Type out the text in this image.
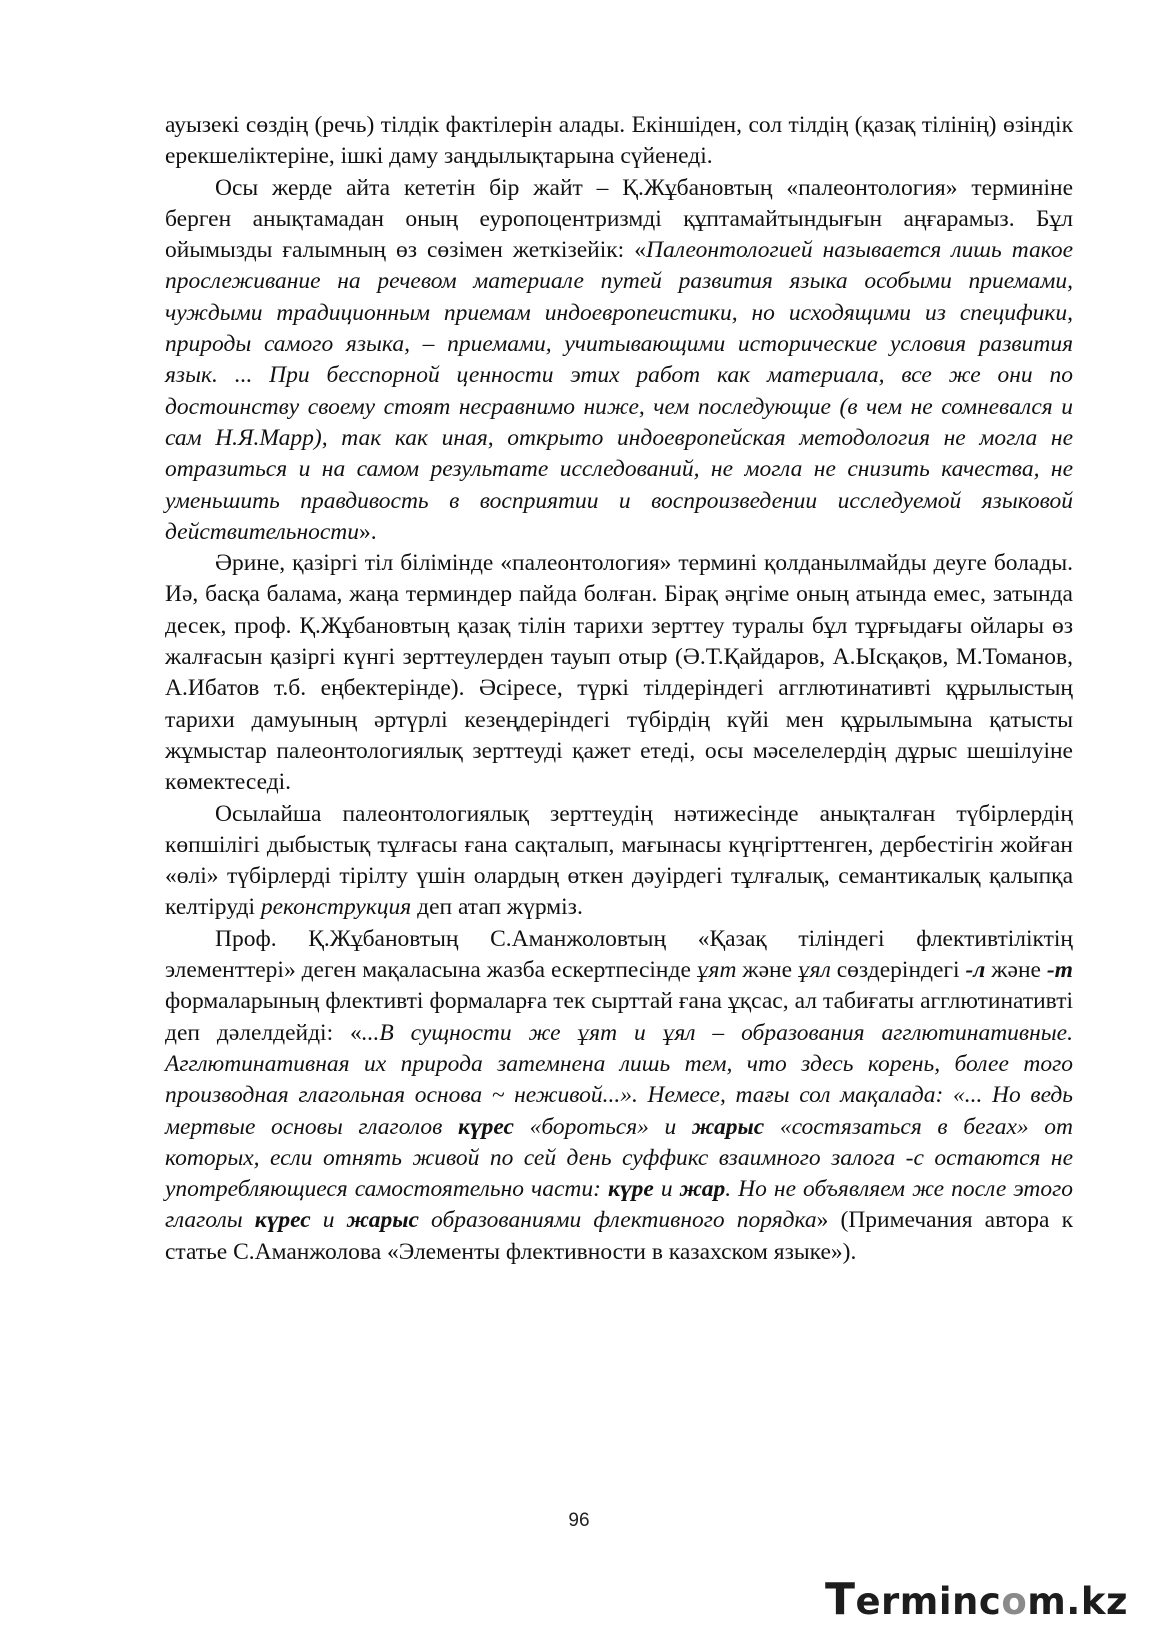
ауызекі сөздің (речь) тілдік фактілерін алады. Екіншіден, сол тілдің (қазақ тілінің) өзіндік ерекшеліктеріне, ішкі даму заңдылықтарына сүйенеді.

Осы жерде айта кететін бір жайт – Қ.Жұбановтың «палеонтология» терминіне берген анықтамадан оның еуропоцентризмді құптамайтындығын аңғарамыз. Бұл ойымызды ғалымның өз сөзімен жеткізейік: «Палеонтологией называется лишь такое прослеживание на речевом материале путей развития языка особыми приемами, чуждыми традиционным приемам индоевропеистики, но исходящими из специфики, природы самого языка, – приемами, учитывающими исторические условия развития язык. ... При бесспорной ценности этих работ как материала, все же они по достоинству своему стоят несравнимо ниже, чем последующие (в чем не сомневался и сам Н.Я.Марр), так как иная, открыто индоевропейская методология не могла не отразиться и на самом результате исследований, не могла не снизить качества, не уменьшить правдивость в восприятии и воспроизведении исследуемой языковой действительности».

Әрине, қазіргі тіл білімінде «палеонтология» термині қолданылмайды деуге болады. Иә, басқа балама, жаңа терминдер пайда болған. Бірақ әңгіме оның атында емес, затында десек, проф. Қ.Жұбановтың қазақ тілін тарихи зерттеу туралы бұл тұрғыдағы ойлары өз жалғасын қазіргі күнгі зерттеулерден тауып отыр (Ә.Т.Қайдаров, А.Ысқақов, М.Томанов, А.Ибатов т.б. еңбектерінде). Әсіресе, түркі тілдеріндегі агглютинативті құрылыстың тарихи дамуының әртүрлі кезеңдеріндегі түбірдің күйі мен құрылымына қатысты жұмыстар палеонтологиялық зерттеуді қажет етеді, осы мәселелердің дұрыс шешілуіне көмектеседі.

Осылайша палеонтологиялық зерттеудің нәтижесінде анықталған түбірлердің көпшілігі дыбыстық тұлғасы ғана сақталып, мағынасы күңгірттенген, дербестігін жойған «өлі» түбірлерді тірілту үшін олардың өткен дәуірдегі тұлғалық, семантикалық қалыпқа келтіруді реконструкция деп атап жүрміз.

Проф. Қ.Жұбановтың С.Аманжоловтың «Қазақ тіліндегі флективтіліктің элементтері» деген мақаласына жазба ескертпесінде ұят және ұял сөздеріндегі -л және -т формаларының флективті формаларға тек сырттай ғана ұқсас, ал табиғаты агглютинативті деп дәлелдейді: «...В сущности же ұят и ұял – образования агглютинативные. Агглютинативная их природа затемнена лишь тем, что здесь корень, более того производная глагольная основа ~ неживой...». Немесе, тағы сол мақалада: «... Но ведь мертвые основы глаголов күрес «бороться» и жарыс «состязаться в бегах» от которых, если отнять живой по сей день суффикс взаимного залога -с остаются не употребляющиеся самостоятельно части: күре и жар. Но не объявляем же после этого глаголы күрес и жарыс образованиями флективного порядка» (Примечания автора к статье С.Аманжолова «Элементы флективности в казахском языке»).

96
Termincom.kz
